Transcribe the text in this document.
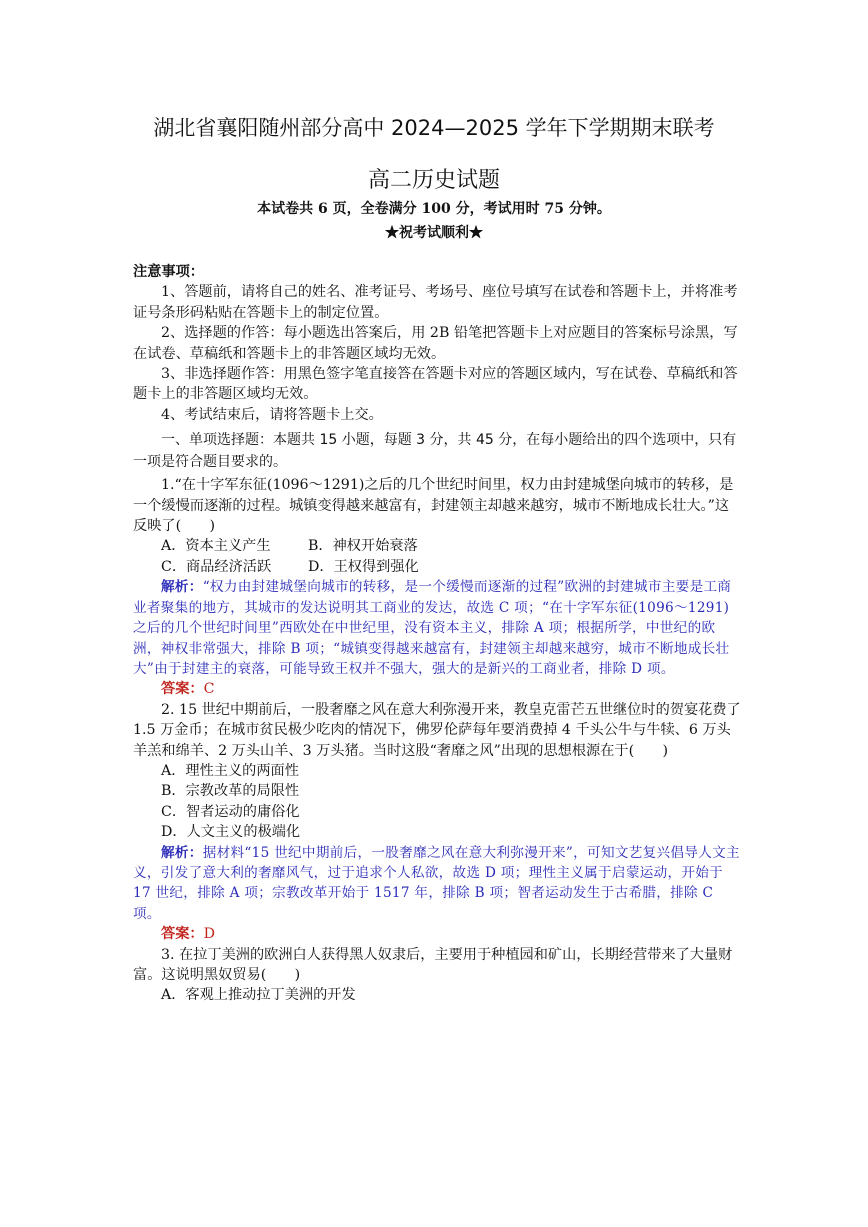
湖北省襄阳随州部分高中 2024—2025 学年下学期期末联考
高二历史试题
本试卷共 6 页，全卷满分 100 分，考试用时 75 分钟。
★祝考试顺利★

注意事项：

1、答题前，请将自己的姓名、准考证号、考场号、座位号填写在试卷和答题卡上，并将准考证号条形码粘贴在答题卡上的制定位置。

2、选择题的作答：每小题选出答案后，用 2B 铅笔把答题卡上对应题目的答案标号涂黑，写在试卷、草稿纸和答题卡上的非答题区域均无效。

3、非选择题作答：用黑色签字笔直接答在答题卡对应的答题区域内，写在试卷、草稿纸和答题卡上的非答题区域均无效。

4、考试结束后，请将答题卡上交。

一、单项选择题：本题共 15 小题，每题 3 分，共 45 分，在每小题给出的四个选项中，只有一项是符合题目要求的。

1.“在十字军东征(1096～1291)之后的几个世纪时间里，权力由封建城堡向城市的转移，是一个缓慢而逐渐的过程。城镇变得越来越富有，封建领主却越来越穷，城市不断地成长壮大。”这反映了(　　)

A．资本主义产生	B．神权开始衰落
C．商品经济活跃	D．王权得到强化

解析：“权力由封建城堡向城市的转移，是一个缓慢而逐渐的过程”欧洲的封建城市主要是工商业者聚集的地方，其城市的发达说明其工商业的发达，故选 C 项；“在十字军东征(1096～1291)之后的几个世纪时间里”西欧处在中世纪里，没有资本主义，排除 A 项；根据所学，中世纪的欧洲，神权非常强大，排除 B 项；“城镇变得越来越富有，封建领主却越来越穷，城市不断地成长壮大”由于封建主的衰落，可能导致王权并不强大，强大的是新兴的工商业者，排除 D 项。

答案：C

2. 15 世纪中期前后，一股奢靡之风在意大利弥漫开来，教皇克雷芒五世继位时的贺宴花费了 1.5 万金币；在城市贫民极少吃肉的情况下，佛罗伦萨每年要消费掉 4 千头公牛与牛犊、6 万头羊羔和绵羊、2 万头山羊、3 万头猪。当时这股“奢靡之风”出现的思想根源在于(　　)

A．理性主义的两面性

B．宗教改革的局限性

C．智者运动的庸俗化

D．人文主义的极端化

解析：据材料“15 世纪中期前后，一股奢靡之风在意大利弥漫开来”，可知文艺复兴倡导人文主义，引发了意大利的奢靡风气，过于追求个人私欲，故选 D 项；理性主义属于启蒙运动，开始于 17 世纪，排除 A 项；宗教改革开始于 1517 年，排除 B 项；智者运动发生于古希腊，排除 C 项。

答案：D

3. 在拉丁美洲的欧洲白人获得黑人奴隶后，主要用于种植园和矿山，长期经营带来了大量财富。这说明黑奴贸易(　　)

A．客观上推动拉丁美洲的开发
